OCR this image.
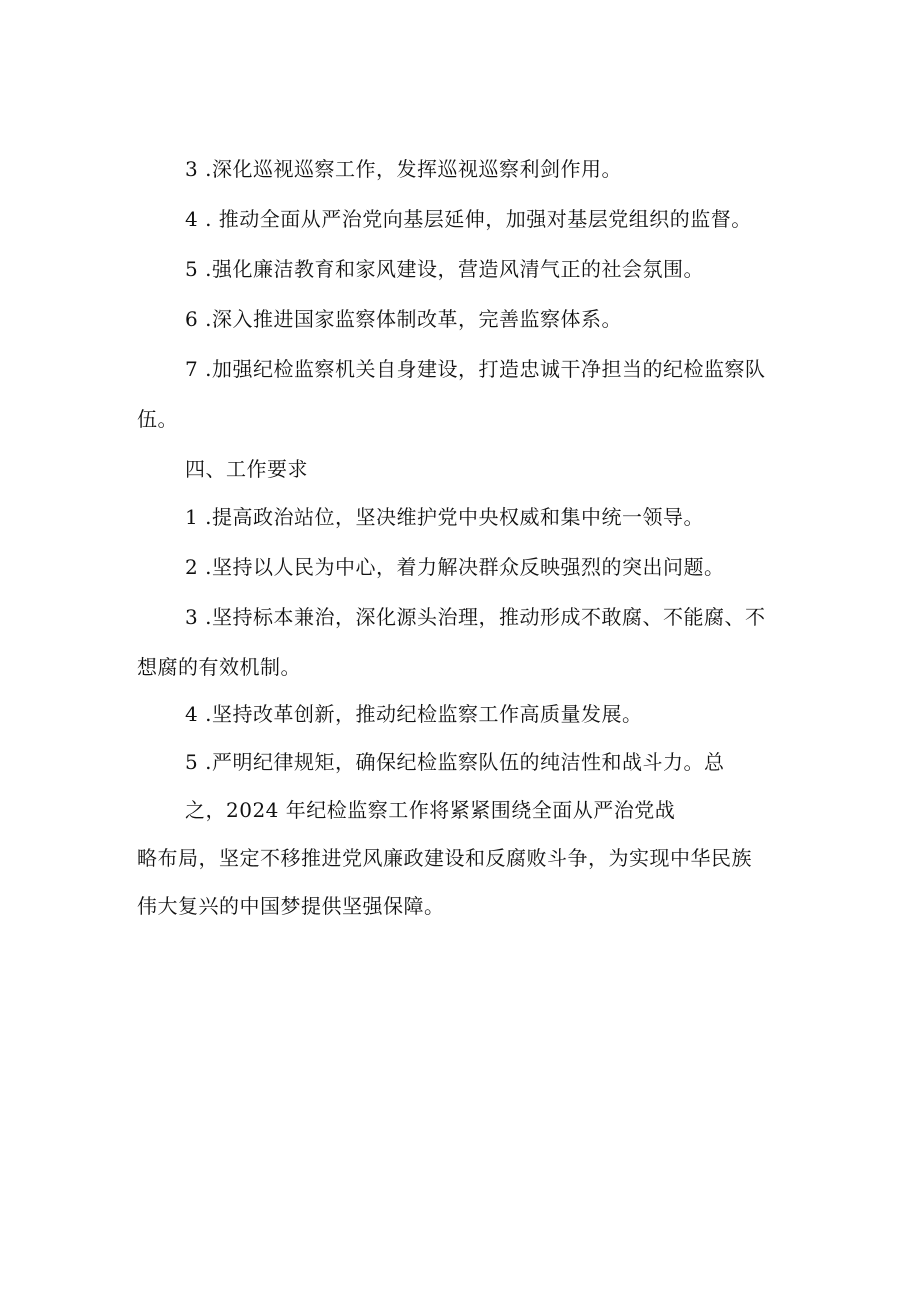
3 .深化巡视巡察工作，发挥巡视巡察利剑作用。
4 . 推动全面从严治党向基层延伸，加强对基层党组织的监督。
5 .强化廉洁教育和家风建设，营造风清气正的社会氛围。
6 .深入推进国家监察体制改革，完善监察体系。
7 .加强纪检监察机关自身建设，打造忠诚干净担当的纪检监察队
伍。
四、工作要求
1 .提高政治站位，坚决维护党中央权威和集中统一领导。
2 .坚持以人民为中心，着力解决群众反映强烈的突出问题。
3 .坚持标本兼治，深化源头治理，推动形成不敢腐、不能腐、不
想腐的有效机制。
4 .坚持改革创新，推动纪检监察工作高质量发展。
5 .严明纪律规矩，确保纪检监察队伍的纯洁性和战斗力。总
之，2024 年纪检监察工作将紧紧围绕全面从严治党战
略布局，坚定不移推进党风廉政建设和反腐败斗争，为实现中华民族
伟大复兴的中国梦提供坚强保障。
